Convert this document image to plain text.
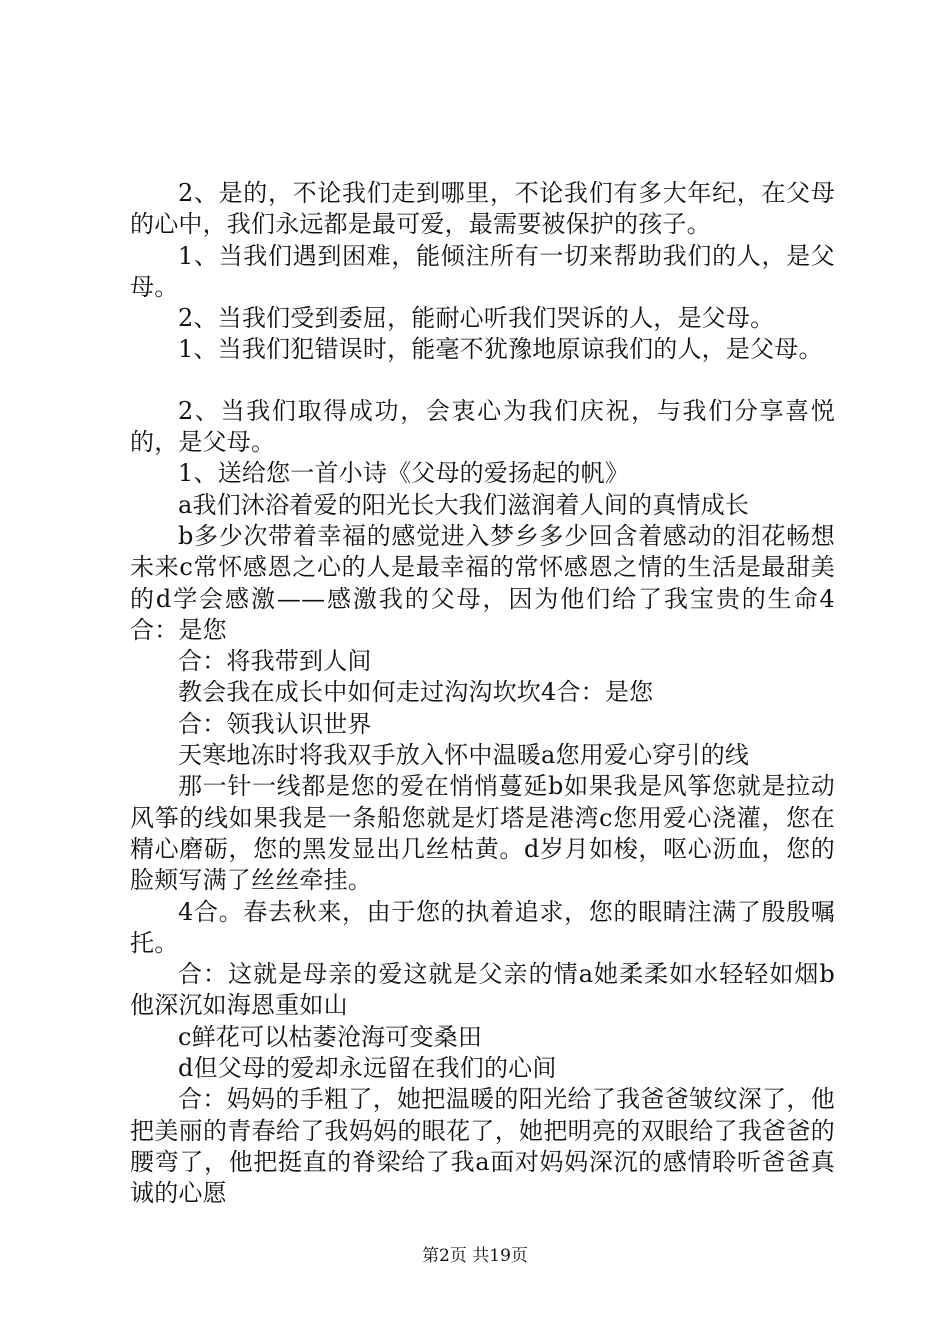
2、是的，不论我们走到哪里，不论我们有多大年纪，在父母的心中，我们永远都是最可爱，最需要被保护的孩子。

1、当我们遇到困难，能倾注所有一切来帮助我们的人，是父母。

2、当我们受到委屈，能耐心听我们哭诉的人，是父母。

1、当我们犯错误时，能毫不犹豫地原谅我们的人，是父母。

2、当我们取得成功，会衷心为我们庆祝，与我们分享喜悦的，是父母。

1、送给您一首小诗《父母的爱扬起的帆》

a我们沐浴着爱的阳光长大我们滋润着人间的真情成长

b多少次带着幸福的感觉进入梦乡多少回含着感动的泪花畅想未来c常怀感恩之心的人是最幸福的常怀感恩之情的生活是最甜美的d学会感激——感激我的父母，因为他们给了我宝贵的生命4合：是您

合：将我带到人间

教会我在成长中如何走过沟沟坎坎4合：是您

合：领我认识世界

天寒地冻时将我双手放入怀中温暖a您用爱心穿引的线

那一针一线都是您的爱在悄悄蔓延b如果我是风筝您就是拉动风筝的线如果我是一条船您就是灯塔是港湾c您用爱心浇灌，您在精心磨砺，您的黑发显出几丝枯黄。d岁月如梭，呕心沥血，您的脸颊写满了丝丝牵挂。

4合。春去秋来，由于您的执着追求，您的眼睛注满了殷殷嘱托。

合：这就是母亲的爱这就是父亲的情a她柔柔如水轻轻如烟b他深沉如海恩重如山

c鲜花可以枯萎沧海可变桑田

d但父母的爱却永远留在我们的心间

合：妈妈的手粗了，她把温暖的阳光给了我爸爸皱纹深了，他把美丽的青春给了我妈妈的眼花了，她把明亮的双眼给了我爸爸的腰弯了，他把挺直的脊梁给了我a面对妈妈深沉的感情聆听爸爸真诚的心愿

第2页 共19页
